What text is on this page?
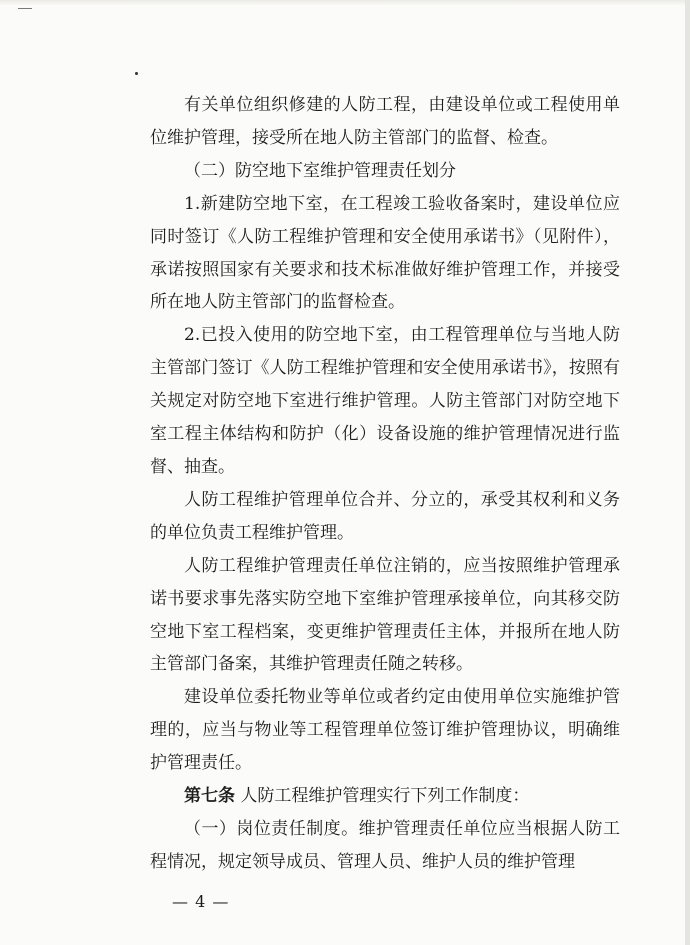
有关单位组织修建的人防工程，由建设单位或工程使用单位维护管理，接受所在地人防主管部门的监督、检查。

（二）防空地下室维护管理责任划分

1.新建防空地下室，在工程竣工验收备案时，建设单位应同时签订《人防工程维护管理和安全使用承诺书》（见附件），承诺按照国家有关要求和技术标准做好维护管理工作，并接受所在地人防主管部门的监督检查。

2.已投入使用的防空地下室，由工程管理单位与当地人防主管部门签订《人防工程维护管理和安全使用承诺书》，按照有关规定对防空地下室进行维护管理。人防主管部门对防空地下室工程主体结构和防护（化）设备设施的维护管理情况进行监督、抽查。

人防工程维护管理单位合并、分立的，承受其权利和义务的单位负责工程维护管理。

人防工程维护管理责任单位注销的，应当按照维护管理承诺书要求事先落实防空地下室维护管理承接单位，向其移交防空地下室工程档案，变更维护管理责任主体，并报所在地人防主管部门备案，其维护管理责任随之转移。

建设单位委托物业等单位或者约定由使用单位实施维护管理的，应当与物业等工程管理单位签订维护管理协议，明确维护管理责任。

第七条 人防工程维护管理实行下列工作制度：

（一）岗位责任制度。维护管理责任单位应当根据人防工程情况，规定领导成员、管理人员、维护人员的维护管理

— 4 —
